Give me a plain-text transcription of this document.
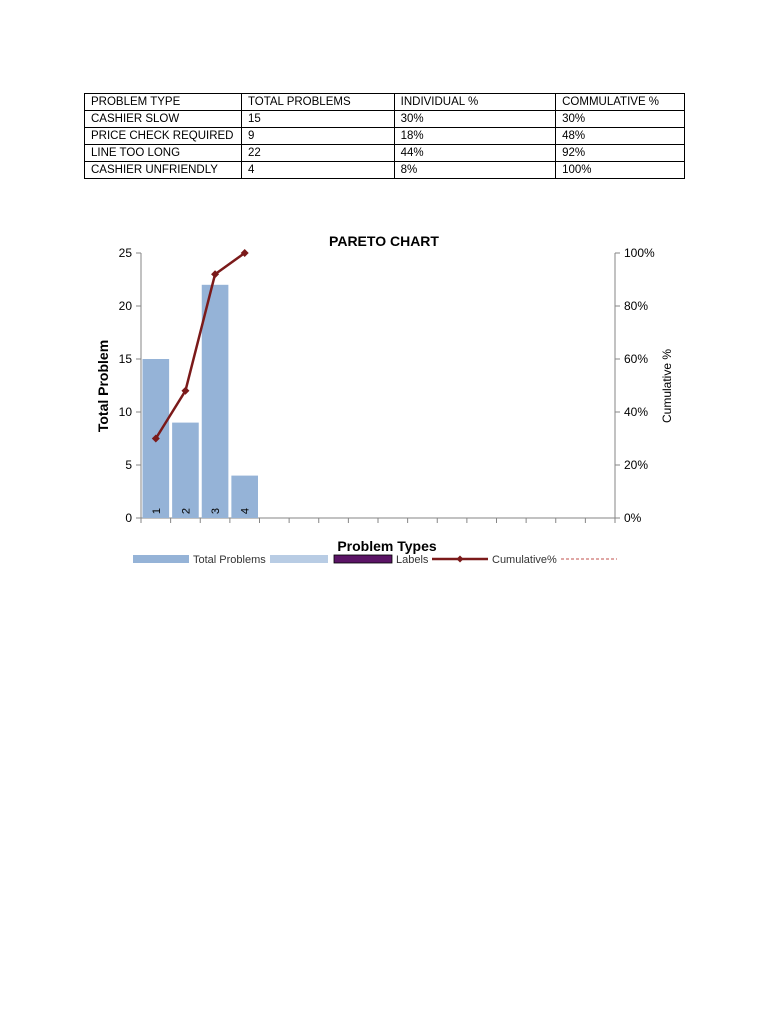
PROBLEM TYPE	TOTAL PROBLEMS	INDIVIDUAL %	COMMULATIVE %
CASHIER SLOW	15	30%	30%
PRICE CHECK REQUIRED	9	18%	48%
LINE TOO LONG	22	44%	92%
CASHIER UNFRIENDLY	4	8%	100%
PARETO CHART
Total Problem	Cumulative %
Problem Types
0
5
10
15
20
25
0%
20%
40%
60%
80%
100%
1 2 3 4
Total Problems	Labels	Cumulative%
